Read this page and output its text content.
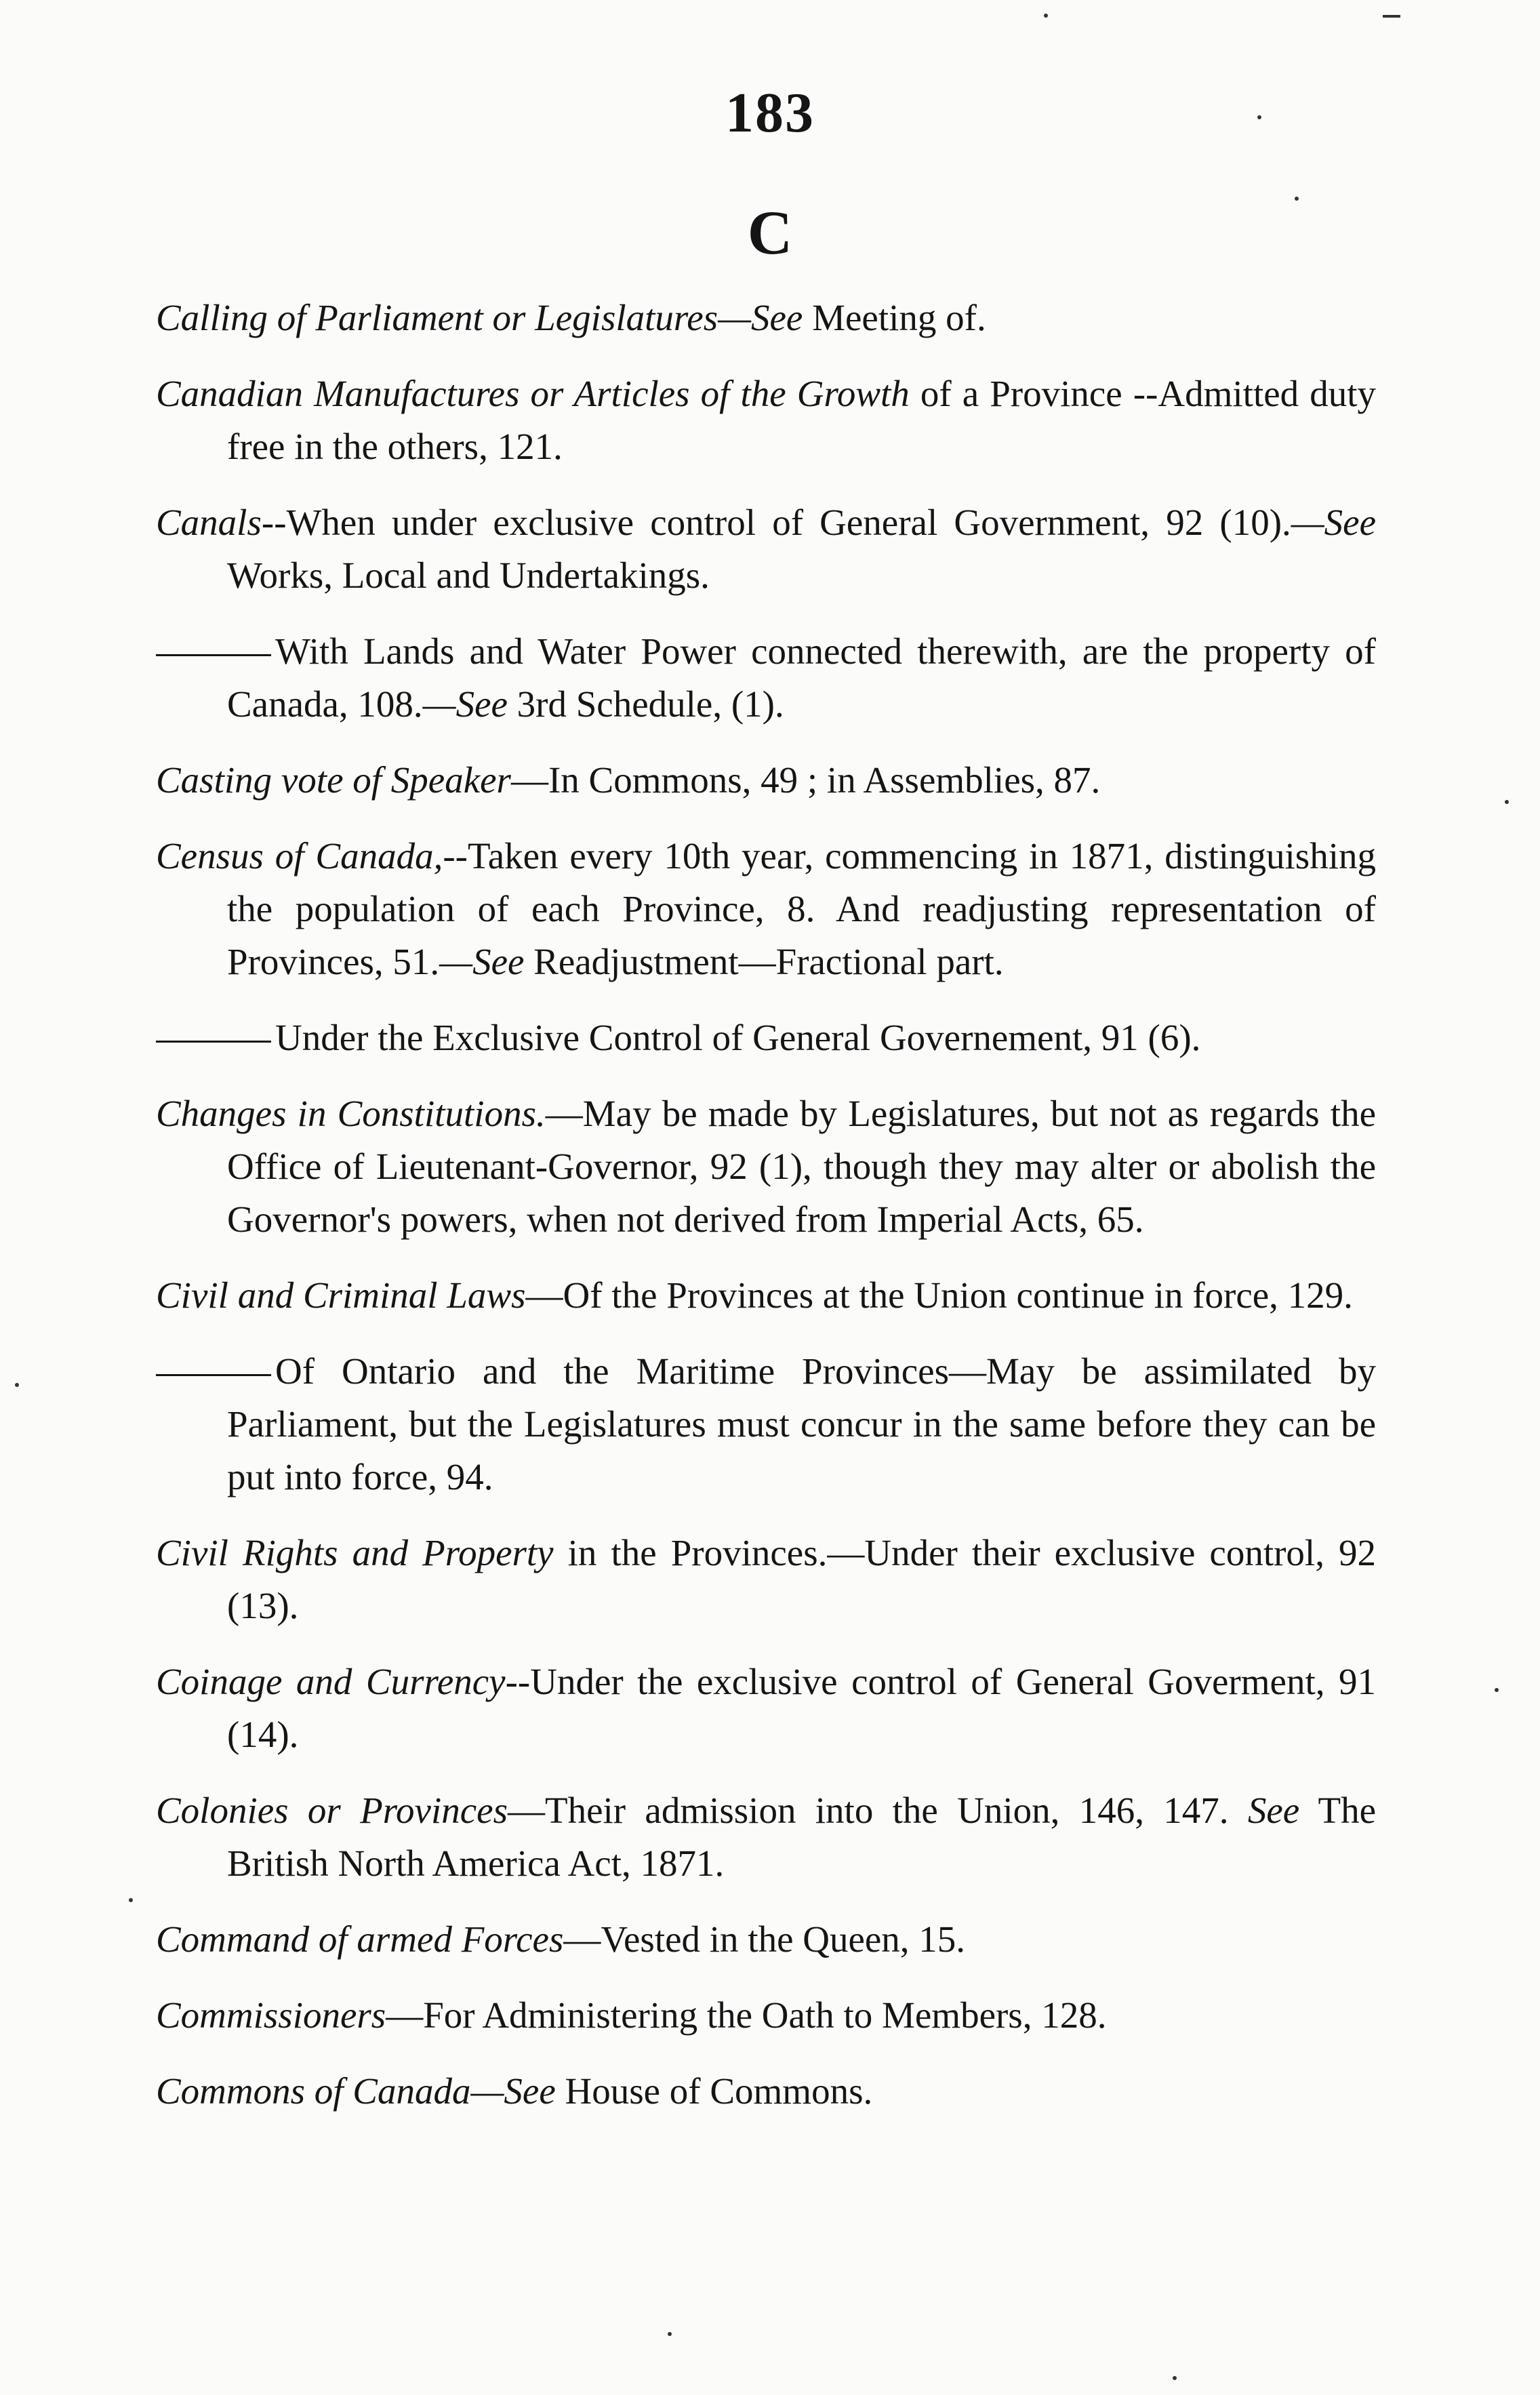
183
C

Calling of Parliament or Legislatures—See Meeting of.

Canadian Manufactures or Articles of the Growth of a Province --Admitted duty free in the others, 121.

Canals--When under exclusive control of General Government, 92 (10).—See Works, Local and Undertakings.

With Lands and Water Power connected therewith, are the property of Canada, 108.—See 3rd Schedule, (1).

Casting vote of Speaker—In Commons, 49 ; in Assemblies, 87.

Census of Canada,--Taken every 10th year, commencing in 1871, distinguishing the population of each Province, 8. And readjusting representation of Provinces, 51.—See Readjustment—Fractional part.

Under the Exclusive Control of General Governement, 91 (6).

Changes in Constitutions.—May be made by Legislatures, but not as regards the Office of Lieutenant-Governor, 92 (1), though they may alter or abolish the Governor's powers, when not derived from Imperial Acts, 65.

Civil and Criminal Laws—Of the Provinces at the Union continue in force, 129.

Of Ontario and the Maritime Provinces—May be assimilated by Parliament, but the Legislatures must concur in the same before they can be put into force, 94.

Civil Rights and Property in the Provinces.—Under their exclusive control, 92 (13).

Coinage and Currency--Under the exclusive control of General Goverment, 91 (14).

Colonies or Provinces—Their admission into the Union, 146, 147. See The British North America Act, 1871.

Command of armed Forces—Vested in the Queen, 15.

Commissioners—For Administering the Oath to Members, 128.

Commons of Canada—See House of Commons.
